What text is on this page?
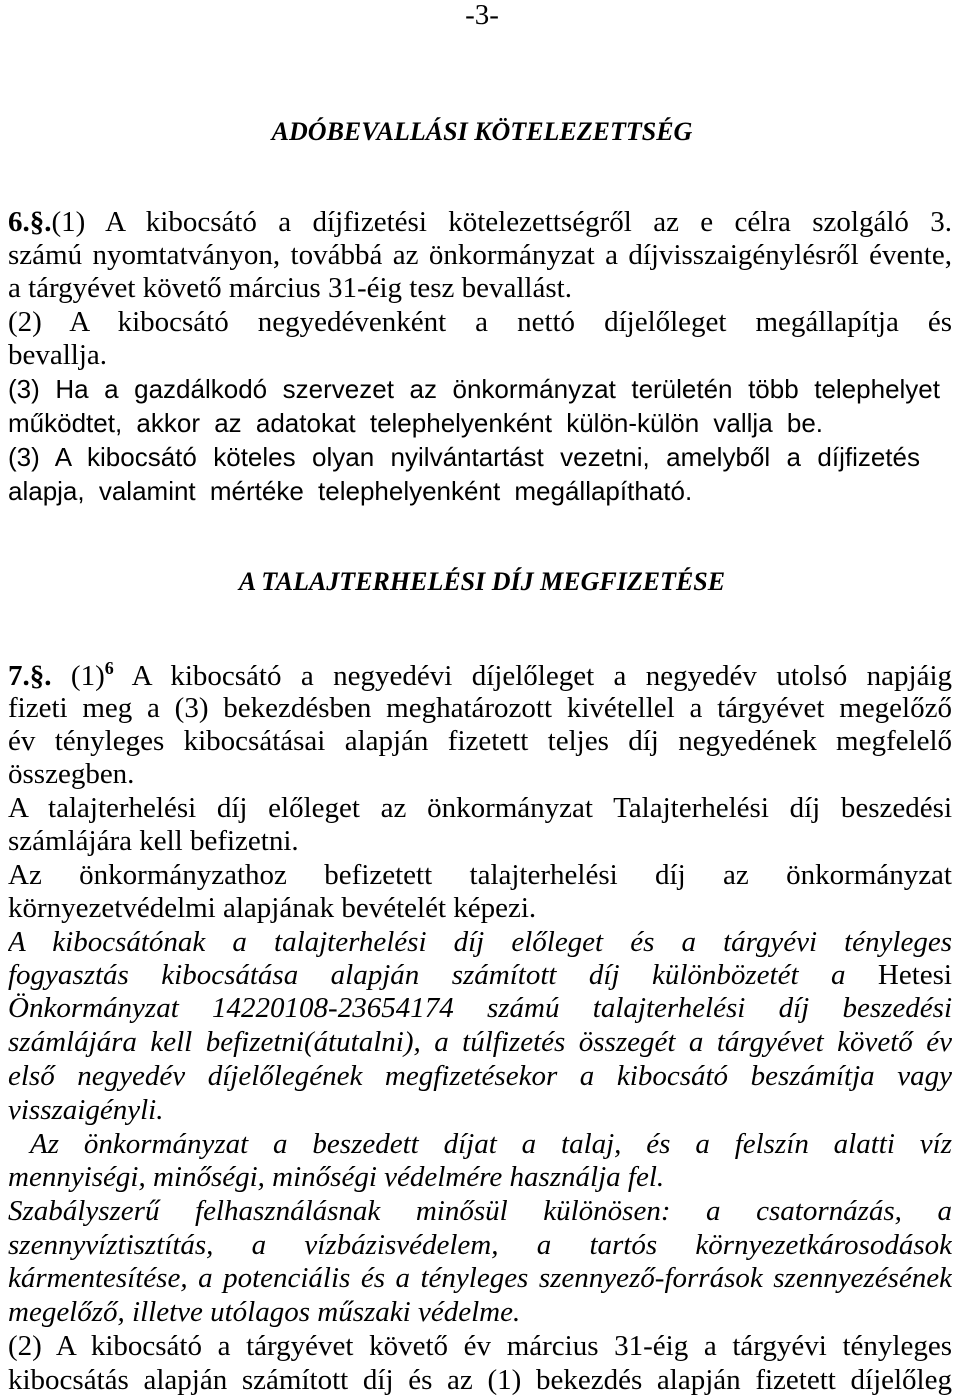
-3-
ADÓBEVALLÁSI KÖTELEZETTSÉG
6.§.(1) A kibocsátó a díjfizetési kötelezettségről az e célra szolgáló 3.
számú nyomtatványon, továbbá az önkormányzat a díjvisszaigénylésről évente,
a tárgyévet követő március 31-éig tesz bevallást.
(2) A kibocsátó negyedévenként a nettó díjelőleget megállapítja és
bevallja.
(3) Ha a gazdálkodó szervezet az önkormányzat területén több telephelyet
működtet, akkor az adatokat telephelyenként külön-külön vallja be.
(3) A kibocsátó köteles olyan nyilvántartást vezetni, amelyből a díjfizetés
alapja, valamint mértéke telephelyenként megállapítható.
A TALAJTERHELÉSI DÍJ MEGFIZETÉSE
7.§. $(1)^6$ A kibocsátó a negyedévi díjelőleget a negyedév utolsó napjáig
fizeti meg a (3) bekezdésben meghatározott kivétellel a tárgyévet megelőző
év tényleges kibocsátásai alapján fizetett teljes díj negyedének megfelelő
összegben.
A talajterhelési díj előleget az önkormányzat Talajterhelési díj beszedési
számlájára kell befizetni.
Az önkormányzathoz befizetett talajterhelési díj az önkormányzat
környezetvédelmi alapjának bevételét képezi.
A kibocsátónak a talajterhelési díj előleget és a tárgyévi tényleges
fogyasztás kibocsátása alapján számított díj különbözetét a Hetesi
Önkormányzat 14220108-23654174 számú talajterhelési díj beszedési
számlájára kell befizetni(átutalni), a túlfizetés összegét a tárgyévet követő év
első negyedév díjelőlegének megfizetésekor a kibocsátó beszámítja vagy
visszaigényli.
Az önkormányzat a beszedett díjat a talaj, és a felszín alatti víz
mennyiségi, minőségi, minőségi védelmére használja fel.
Szabályszerű felhasználásnak minősül különösen: a csatornázás, a
szennyvíztisztítás, a vízbázisvédelem, a tartós környezetkárosodások
kármentesítése, a potenciális és a tényleges szennyező-források szennyezésének
megelőző, illetve utólagos műszaki védelme.
(2) A kibocsátó a tárgyévet követő év március 31-éig a tárgyévi tényleges
kibocsátás alapján számított díj és az (1) bekezdés alapján fizetett díjelőleg
